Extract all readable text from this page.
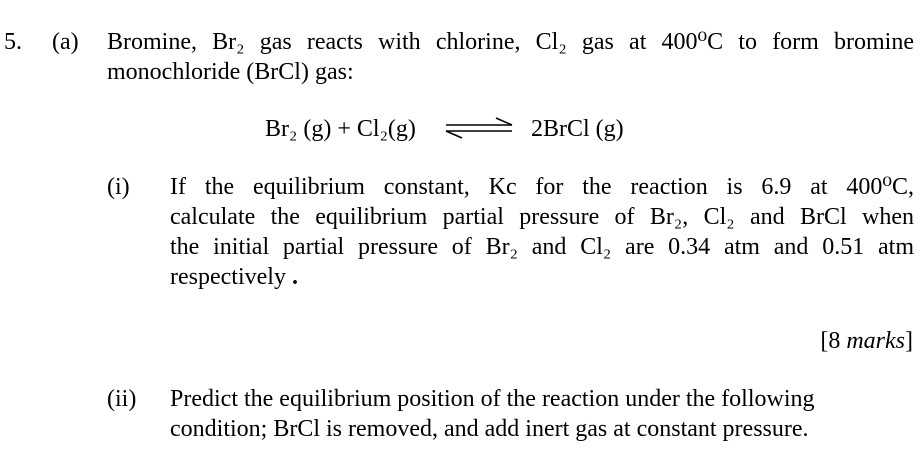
5. (a) Bromine, Br₂ gas reacts with chlorine, Cl₂ gas at 400⁰C to form bromine
monochloride (BrCl) gas:
Br₂ (g) + Cl₂(g) ⇌ 2BrCl (g)
(i) If the equilibrium constant, Kc for the reaction is 6.9 at 400⁰C,
calculate the equilibrium partial pressure of Br₂, Cl₂ and BrCl when
the initial partial pressure of Br₂ and Cl₂ are 0.34 atm and 0.51 atm
respectively .
[8 marks]
(ii) Predict the equilibrium position of the reaction under the following
condition; BrCl is removed, and add inert gas at constant pressure.
